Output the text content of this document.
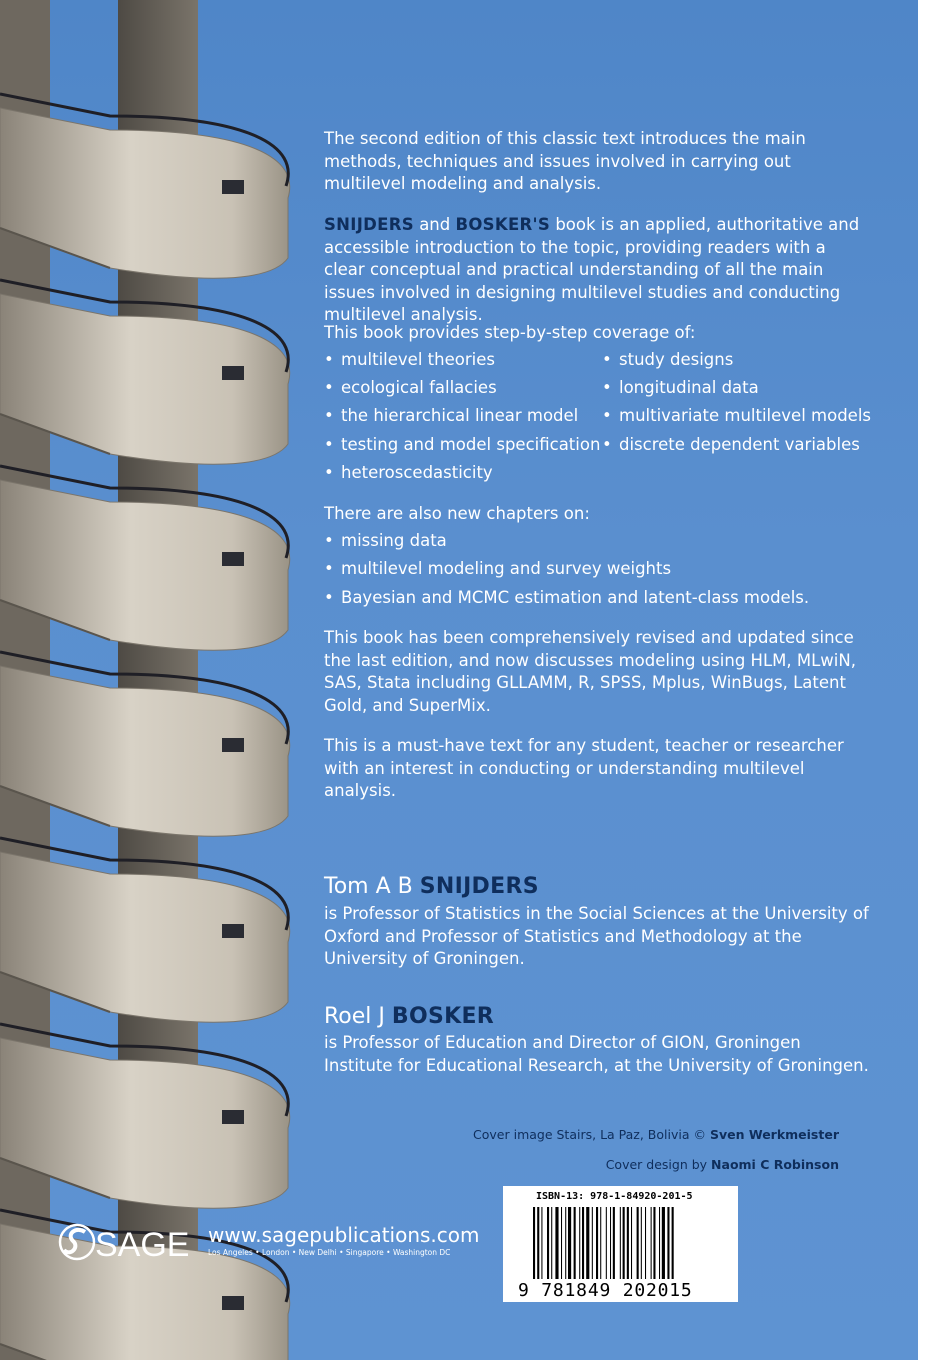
The second edition of this classic text introduces the main methods, techniques and issues involved in carrying out multilevel modeling and analysis.

SNIJDERS and BOSKER'S book is an applied, authoritative and accessible introduction to the topic, providing readers with a clear conceptual and practical understanding of all the main issues involved in designing multilevel studies and conducting multilevel analysis.

This book provides step-by-step coverage of:

• multilevel theories
• ecological fallacies
• the hierarchical linear model
• testing and model specification
• heteroscedasticity
• study designs
• longitudinal data
• multivariate multilevel models
• discrete dependent variables

There are also new chapters on:

• missing data
• multilevel modeling and survey weights
• Bayesian and MCMC estimation and latent-class models.

This book has been comprehensively revised and updated since the last edition, and now discusses modeling using HLM, MLwiN, SAS, Stata including GLLAMM, R, SPSS, Mplus, WinBugs, Latent Gold, and SuperMix.

This is a must-have text for any student, teacher or researcher with an interest in conducting or understanding multilevel analysis.

Tom A B SNIJDERS

is Professor of Statistics in the Social Sciences at the University of Oxford and Professor of Statistics and Methodology at the University of Groningen.

Roel J BOSKER

is Professor of Education and Director of GION, Groningen Institute for Educational Research, at the University of Groningen.

Cover image Stairs, La Paz, Bolivia © Sven Werkmeister
Cover design by Naomi C Robinson
ISBN-13: 978-1-84920-201-5
9 781849 202015
SAGE www.sagepublications.com
Los Angeles • London • New Delhi • Singapore • Washington DC
